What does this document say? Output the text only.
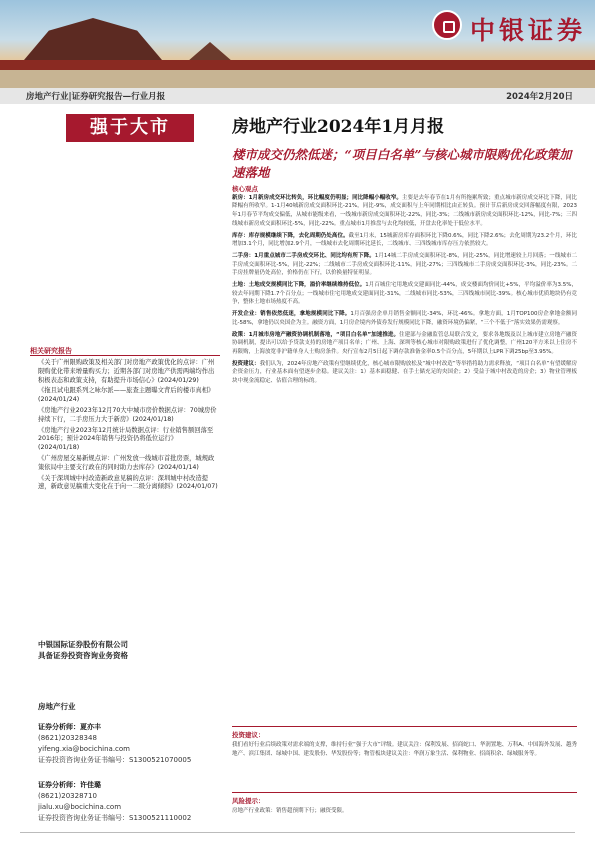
中银证券
房地产行业|证券研究报告—行业月报	2024年2月20日
强于大市	房地产行业2024年1月月报
楼市成交仍然低迷；“项目白名单”与核心城市限购优化政策加速落地
相关研究报告

《关于广州限购政策及相关部门对房地产政策优化的点评：广州限购优化带来增量购买力；近期各部门对房地产供需两端均作出积极表态和政策支持，有助提升市场信心》(2024/01/29)

《拖且试电跟系列之咏尔派——旅查主题曝文背后的楼市真相》(2024/01/24)

《房地产行业2023年12月70大中城市房价数据点评：70城房价持续下行，二手房压力大于新房》(2024/01/18)

《房地产行业2023年12月统计局数据点评：行业销售额回落至2016年；预计2024年销售与投资仍将低位运行》(2024/01/18)

《广州房屋交易新规点评：广州发放一线城市首批房票，城规政策依局中主要支行政在的同时助力去库存》(2024/01/14)

《关于深圳城中村改造新政意见稿的点评：深圳城中村改造提速，新政意见稿重大变化在于向一二级分离倾斜》(2024/01/07)

中银国际证券股份有限公司
具备证券投资咨询业务资格
房地产行业
证券分析师：夏亦丰
(8621)20328348
yifeng.xia@bocichina.com
证券投资咨询业务证书编号：S1300521070005
证券分析师：许佳璐
(8621)20328710
jialu.xu@bocichina.com
证券投资咨询业务证书编号：S1300521110002
核心观点

新房：1月新房成交环比转负，环比幅度仍明显；同比降幅小幅收窄。主要是去年春节在1月有所拖累所致；重点城市新房成交环比下降，同比降幅有所收窄。1-1月40城新房成交面积环比-21%，同比-9%，成交面积与上年同期相比由正转负。预计节后新房成交回落幅度有限，2023年1月春节平均成交偏低，从城市能级来看，一线城市新房成交面积环比-22%，同比-3%；二线城市新房成交面积环比-12%，同比-7%；三四线城市新房成交面积环比-5%，同比-22%。重点城市1月推盘与去化均较低，开盘去化率处于低位水平。

库存：库存规模继续下降，去化周期仍处高位。截至1月末，15城新房库存面积环比下降0.6%，同比下降2.6%；去化周期为23.2个月，环比增加3.1个月，同比增加2.9个月，一线城市去化周期环比延长，二线城市、三四线城市库存压力依然较大。

二手房：1月重点城市二手房成交环比、同比均有所下降。1月14城二手房成交面积环比-8%，同比-25%，同比增速较上月回落；一线城市二手房成交面积环比-5%，同比-22%；二线城市二手房成交面积环比-11%，同比-27%；三四线城市二手房成交面积环比-3%，同比-23%。二手房挂牌量仍处高位，价格仍在下行，以价换量特征明显。

土地：土地成交规模同比下降，溢价率继续维持低位。1月百城住宅用地成交建面同比-44%，成交楼面均价同比+5%，平均溢价率为3.5%，较去年同期下降1.7个百分点；一线城市住宅用地成交建面同比-31%，二线城市同比-53%，三四线城市同比-39%。核心城市优质地块仍有竞争，整体土地市场热度不高。

开发企业：销售依然低迷，拿地规模同比下降。1月百强房企单月销售金额同比-34%，环比-46%。拿地方面，1月TOP100房企拿地金额同比-58%，拿地仍以央国企为主。融资方面，1月房企境内外债券发行规模同比下降，融资环境仍偏紧，“三个不低于”落实效果仍需观察。

政策：1月城市房地产融资协调机制落地，“项目白名单”加速推进。住建部与金融监管总局联合发文，要求各地级及以上城市建立房地产融资协调机制，提出可以给予贷款支持的房地产项目名单；广州、上海、深圳等核心城市对限购政策进行了优化调整，广州120平方米以上住房不再限购，上海放宽非沪籍单身人士购房条件。央行宣布2月5日起下调存款准备金率0.5个百分点，5年期以上LPR下调25bp至3.95%。

投资建议：我们认为，2024年房地产政策有望继续优化，核心城市限购放松及“城中村改造”等举措将助力需求释放，“项目白名单”有望缓解房企资金压力，行业基本面有望逐步企稳。建议关注：1）基本面稳健、在手土储充足的央国企；2）受益于城中村改造的房企；3）物业管理板块中现金流稳定、估值合理的标的。

投资建议：
我们看好行业后续政策对需求端的支撑，维持行业“强于大市”评级。建议关注：保利发展、招商蛇口、华润置地、万科A、中国海外发展、越秀地产、滨江集团、绿城中国、建发股份、华发股份等；物管板块建议关注：华润万象生活、保利物业、招商积余、绿城服务等。
风险提示：
房地产行业政策：销售超预期下行；融资受限。
